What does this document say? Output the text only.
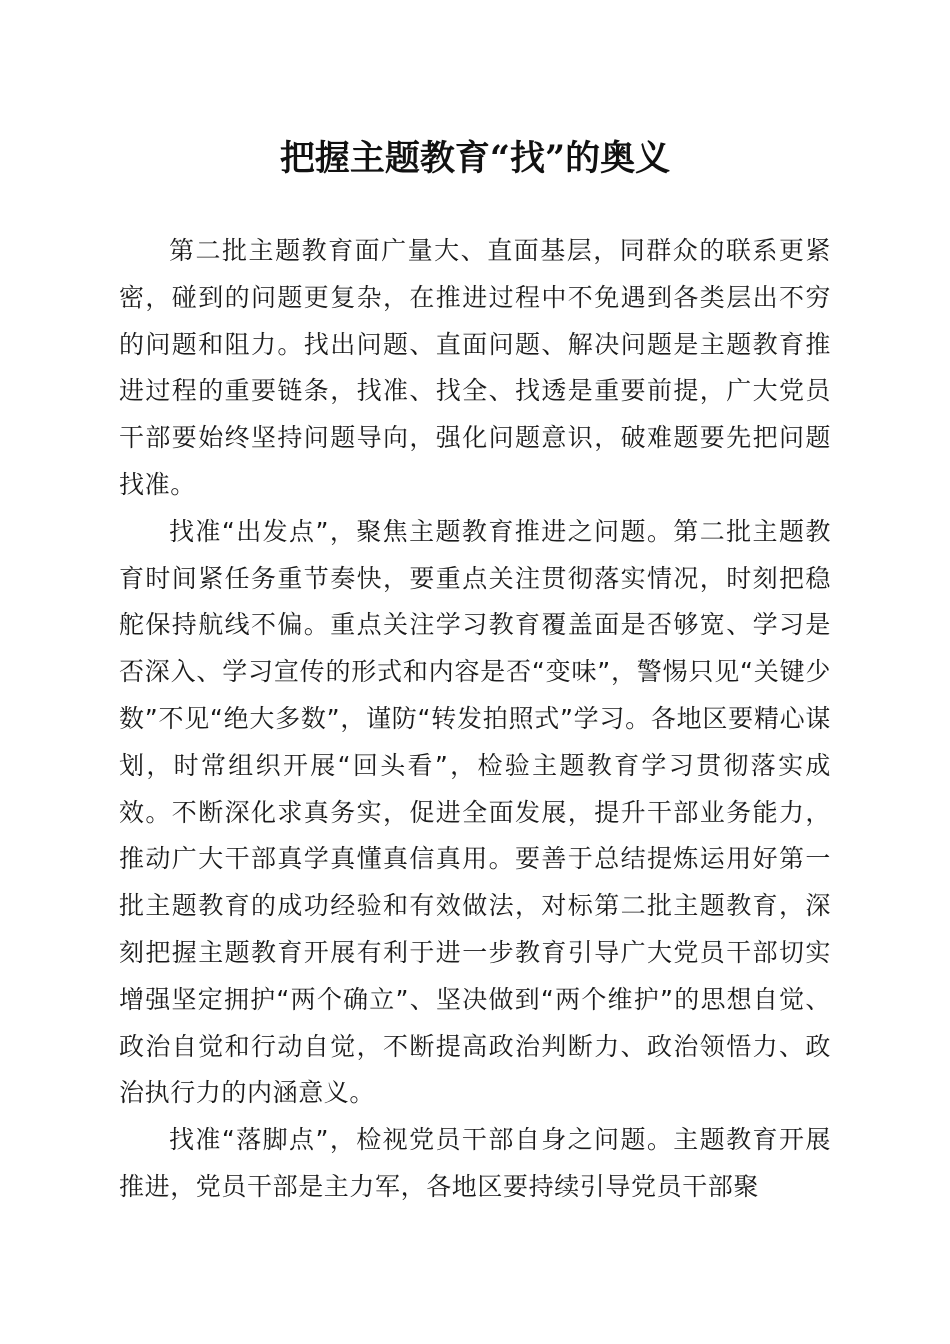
把握主题教育“找”的奥义

第二批主题教育面广量大、直面基层，同群众的联系更紧密，碰到的问题更复杂，在推进过程中不免遇到各类层出不穷的问题和阻力。找出问题、直面问题、解决问题是主题教育推进过程的重要链条，找准、找全、找透是重要前提，广大党员干部要始终坚持问题导向，强化问题意识，破难题要先把问题找准。

找准“出发点”，聚焦主题教育推进之问题。第二批主题教育时间紧任务重节奏快，要重点关注贯彻落实情况，时刻把稳舵保持航线不偏。重点关注学习教育覆盖面是否够宽、学习是否深入、学习宣传的形式和内容是否“变味”，警惕只见“关键少数”不见“绝大多数”，谨防“转发拍照式”学习。各地区要精心谋划，时常组织开展“回头看”，检验主题教育学习贯彻落实成效。不断深化求真务实，促进全面发展，提升干部业务能力，推动广大干部真学真懂真信真用。要善于总结提炼运用好第一批主题教育的成功经验和有效做法，对标第二批主题教育，深刻把握主题教育开展有利于进一步教育引导广大党员干部切实增强坚定拥护“两个确立”、坚决做到“两个维护”的思想自觉、政治自觉和行动自觉，不断提高政治判断力、政治领悟力、政治执行力的内涵意义。

找准“落脚点”，检视党员干部自身之问题。主题教育开展推进，党员干部是主力军，各地区要持续引导党员干部聚
